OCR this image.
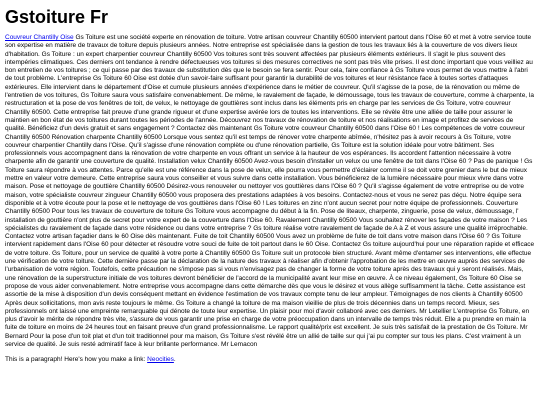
Gstoiture Fr

Couvreur Chantilly Oise Gs Toiture est une société experte en rénovation de toiture. Votre artisan couvreur Chantilly 60500 intervient partout dans l'Oise 60 et met à votre service toute son expertise en matière de travaux de toiture depuis plusieurs années. Notre entreprise est spécialisée dans la gestion de tous les travaux liés à la couverture de vos divers lieux d'habitation. Gs Toiture : un expert charpentier couvreur Chantilly 60500 Vos toitures sont très souvent affectées par plusieurs éléments extérieurs. Il s'agit le plus souvent des intempéries climatiques. Ces derniers ont tendance à rendre défectueuses vos toitures si des mesures correctives ne sont pas très vite prises. Il est donc important que vous veilliez au bon entretien de vos toitures ; ce qui passe par des travaux de substitution dès que le besoin se fera sentir. Pour cela, faire confiance à Gs Toiture vous permet de vous mettre à l'abri de tout problème. L'entreprise Gs Toiture 60 Oise est dotée d'un savoir-faire suffisant pour garantir la durabilité de vos toitures et leur résistance face à toutes sortes d'attaques extérieures. Elle intervient dans le département d'Oise et cumule plusieurs années d'expérience dans le métier de couvreur. Qu'il s'agisse de la pose, de la rénovation ou même de l'entretien de vos toitures, Gs Toiture saura vous satisfaire convenablement. De même, le ravalement de façade, le démoussage, tous les travaux de couverture, comme à charpente, la restructuration et la pose de vos fenêtres de toit, de velux, le nettoyage de gouttières sont inclus dans les éléments pris en charge par les services de Gs Toiture, votre couvreur Chantilly 60500. Cette entreprise fait preuve d'une grande rigueur et d'une expertise avérée lors de toutes les interventions. Elle se révèle être une alliée de taille pour assurer le maintien en bon état de vos toitures durant toutes les périodes de l'année. Découvrez nos travaux de rénovation de toiture et nos réalisations en image et profitez de services de qualité. Bénéficiez d'un devis gratuit et sans engagement ? Contactez dès maintenant Gs Toiture votre couvreur Chantilly 60500 dans l'Oise 60 ! Les compétences de votre couvreur Chantilly 60500 Rénovation charpente Chantilly 60500 Lorsque vous sentez qu'il est temps de rénover votre charpente abîmée, n'hésitez pas à avoir recours à Gs Toiture, votre couvreur charpentier Chantilly dans l'Oise. Qu'il s'agisse d'une rénovation complète ou d'une rénovation partielle, Gs Toiture est la solution idéale pour votre bâtiment. Ses professionnels vous accompagnent dans la rénovation de votre charpente en vous offrant un service à la hauteur de vos espérances. Ils accordent l'attention nécessaire à votre charpente afin de garantir une couverture de qualité. Installation velux Chantilly 60500 Avez-vous besoin d'installer un velux ou une fenêtre de toit dans l'Oise 60 ? Pas de panique ! Gs Toiture saura répondre à vos attentes. Parce qu'elle est une référence dans la pose de velux, elle pourra vous permettre d'éclairer comme il se doit votre grenier dans le but de mieux mettre en valeur votre demeure. Cette entreprise saura vous conseiller et vous suivre dans cette installation. Vous bénéficierez de la lumière nécessaire pour mieux vivre dans votre maison. Pose et nettoyage de gouttière Chantilly 60500 Désirez-vous renouveler ou nettoyer vos gouttières dans l'Oise 60 ? Qu'il s'agisse également de votre entreprise ou de votre maison, votre spécialiste couvreur zingueur Chantilly 60500 vous proposera des prestations adaptées à vos besoins. Contactez-nous et vous ne serez pas déçu. Notre équipe sera disponible et à votre écoute pour la pose et le nettoyage de vos gouttières dans l'Oise 60 ! Les toitures en zinc n'ont aucun secret pour notre équipe de professionnels. Couverture Chantilly 60500 Pour tous les travaux de couverture de toiture Gs Toiture vous accompagne du début à la fin. Pose de liteaux, charpente, zinguerie, pose de velux, démoussage, l' installation de gouttière n'ont plus de secret pour votre expert de la couverture dans l'Oise 60. Ravalement Chantilly 60500 Vous souhaitez rénover les façades de votre maison ? Les spécialistes du ravalement de façade dans votre résidence ou dans votre entreprise ? Gs toiture réalise votre ravalement de façade de A à Z et vous assure une qualité irréprochable. Contactez votre artisan façadier dans le 60 Oise dès maintenant. Fuite de toit Chantilly 60500 Vous avez un problème de fuite de toit dans votre maison dans l'Oise 60 ? Gs Toiture intervient rapidement dans l'Oise 60 pour détecter et résoudre votre souci de fuite de toit partout dans le 60 Oise. Contactez Gs toiture aujourd'hui pour une réparation rapide et efficace de votre toiture. Gs Toiture, pour un service de qualité à votre porte à Chantilly 60500 Gs Toiture suit un protocole bien structuré. Avant même d'entamer ses interventions, elle effectue une vérification de votre toiture. Cette dernière passe par la déclaration de la nature des travaux à réaliser afin d'obtenir l'approbation de les mettre en œuvre auprès des services de l'urbanisation de votre région. Toutefois, cette précaution ne s'impose pas si vous n'envisagez pas de changer la forme de votre toiture après des travaux qui y seront réalisés. Mais, une rénovation de la superstructure initiale de vos toitures devront bénéficier de l'accord de la municipalité avant leur mise en œuvre. À ce niveau également, Gs Toiture 60 Oise se propose de vous aider convenablement. Notre entreprise vous accompagne dans cette démarche dès que vous le désirez et vous allège suffisamment la tâche. Cette assistance est assortie de la mise à disposition d'un devis conséquent mettant en évidence l'estimation de vos travaux compte tenu de leur ampleur. Témoignages de nos clients à Chantilly 60500 Après deux sollicitations, mon avis reste toujours le même. Gs Toiture a changé la toiture de ma maison vieillie de plus de trois décennies dans un temps record. Mieux, ses professionnels ont laissé une empreinte remarquable qui dénote de toute leur expertise. Un plaisir pour moi d'avoir collaboré avec ces derniers. Mr Letellier L'entreprise Gs Toiture, en plus d'avoir le mérite de répondre très vite, s'assure de vous garantir une prise en charge de votre préoccupation dans un intervalle de temps très réduit. Elle a pu prendre en main la fuite de toiture en moins de 24 heures tout en faisant preuve d'un grand professionnalisme. Le rapport qualité/prix est excellent. Je suis très satisfait de la prestation de Gs Toiture. Mr Bernard Pour la pose d'un toit plat et d'un toit traditionnel pour ma maison, Gs Toiture s'est révélé être un allié de taille sur qui j'ai pu compter sur tous les plans. C'est vraiment à un service de qualité. Je suis resté admiratif face à leur brillante performance. Mr Lemacon

This is a paragraph! Here's how you make a link: Neocities.
